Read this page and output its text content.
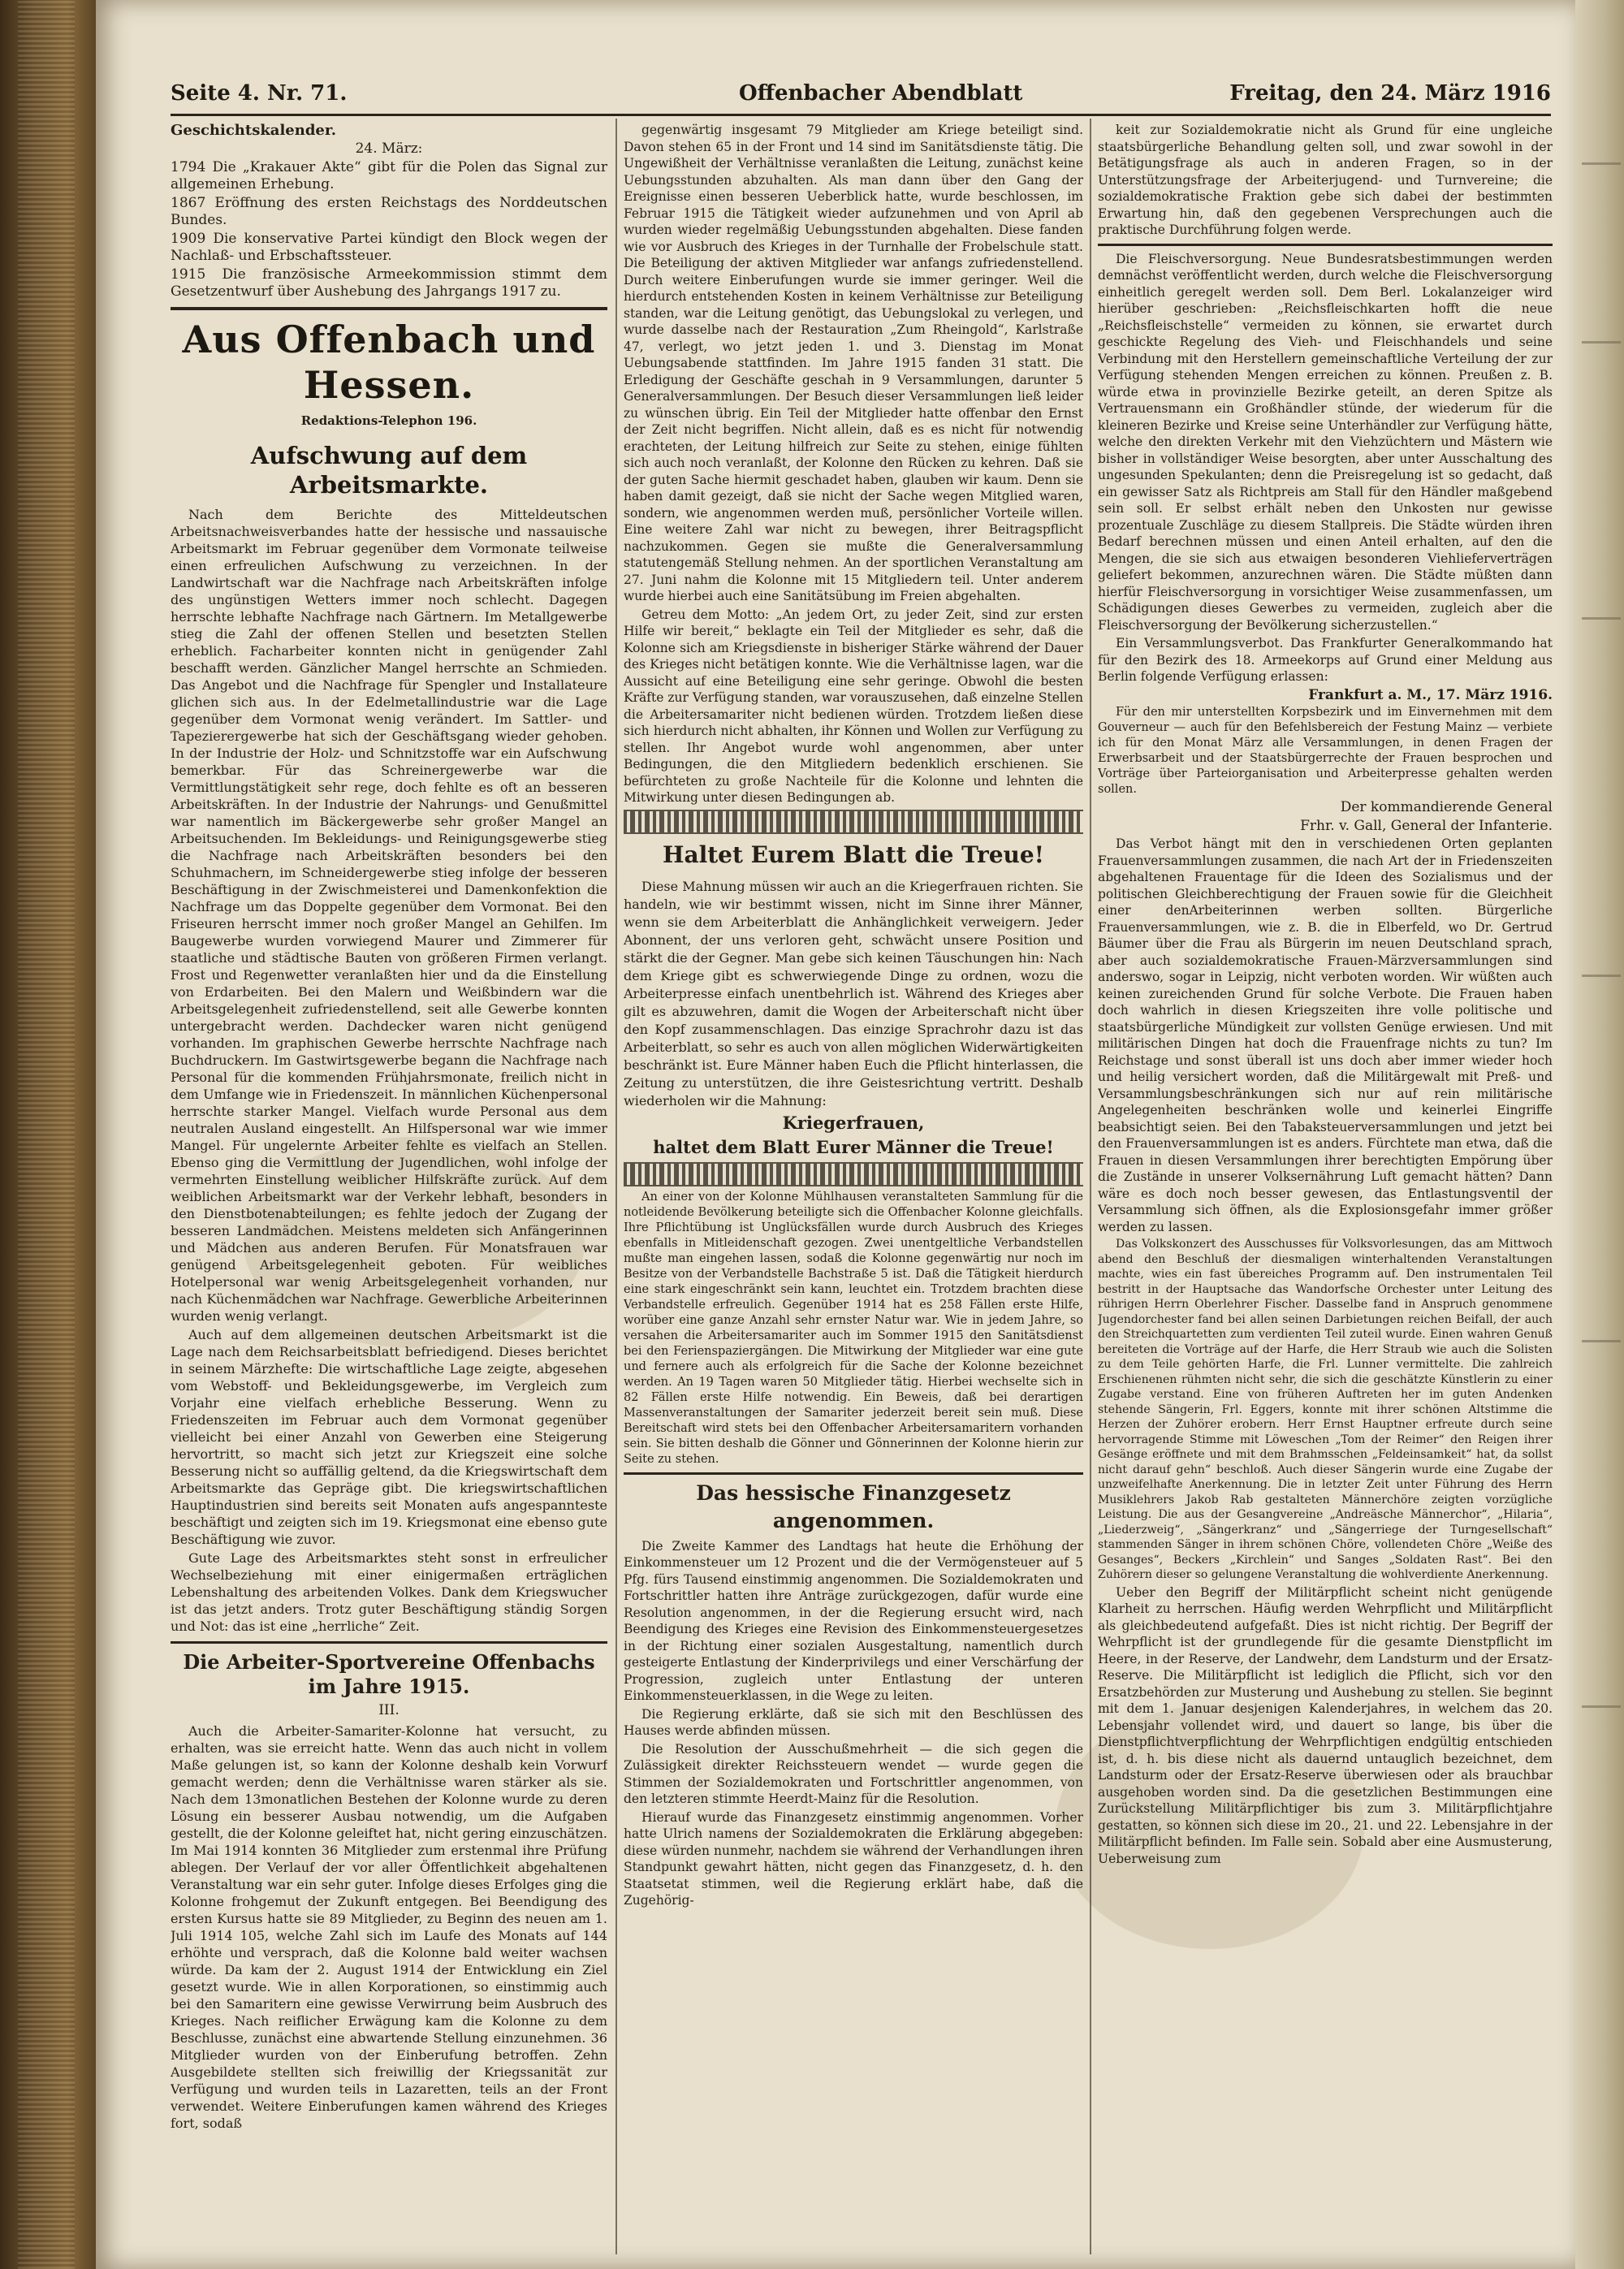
Seite 4. Nr. 71.	Offenbacher Abendblatt	Freitag, den 24. März 1916
Geschichtskalender.
24. März:

1794 Die „Krakauer Akte“ gibt für die Polen das Signal zur allgemeinen Erhebung.

1867 Eröffnung des ersten Reichstags des Norddeutschen Bundes.

1909 Die konservative Partei kündigt den Block wegen der Nachlaß- und Erbschaftssteuer.

1915 Die französische Armeekommission stimmt dem Gesetzentwurf über Aushebung des Jahrgangs 1917 zu.

Aus Offenbach und Hessen.
Redaktions-Telephon 196.
Aufschwung auf dem Arbeitsmarkte.

Nach dem Berichte des Mitteldeutschen Arbeitsnachweisverbandes hatte der hessische und nassauische Arbeitsmarkt im Februar gegenüber dem Vormonate teilweise einen erfreulichen Aufschwung zu verzeichnen. In der Landwirtschaft war die Nachfrage nach Arbeitskräften infolge des ungünstigen Wetters immer noch schlecht. Dagegen herrschte lebhafte Nachfrage nach Gärtnern. Im Metallgewerbe stieg die Zahl der offenen Stellen und besetzten Stellen erheblich. Facharbeiter konnten nicht in genügender Zahl beschafft werden. Gänzlicher Mangel herrschte an Schmieden. Das Angebot und die Nachfrage für Spengler und Installateure glichen sich aus. In der Edelmetallindustrie war die Lage gegenüber dem Vormonat wenig verändert. Im Sattler- und Tapezierergewerbe hat sich der Geschäftsgang wieder gehoben. In der Industrie der Holz- und Schnitzstoffe war ein Aufschwung bemerkbar. Für das Schreinergewerbe war die Vermittlungstätigkeit sehr rege, doch fehlte es oft an besseren Arbeitskräften. In der Industrie der Nahrungs- und Genußmittel war namentlich im Bäckergewerbe sehr großer Mangel an Arbeitsuchenden. Im Bekleidungs- und Reinigungsgewerbe stieg die Nachfrage nach Arbeitskräften besonders bei den Schuhmachern, im Schneidergewerbe stieg infolge der besseren Beschäftigung in der Zwischmeisterei und Damenkonfektion die Nachfrage um das Doppelte gegenüber dem Vormonat. Bei den Friseuren herrscht immer noch großer Mangel an Gehilfen. Im Baugewerbe wurden vorwiegend Maurer und Zimmerer für staatliche und städtische Bauten von größeren Firmen verlangt. Frost und Regenwetter veranlaßten hier und da die Einstellung von Erdarbeiten. Bei den Malern und Weißbindern war die Arbeitsgelegenheit zufriedenstellend, seit alle Gewerbe konnten untergebracht werden. Dachdecker waren nicht genügend vorhanden. Im graphischen Gewerbe herrschte Nachfrage nach Buchdruckern. Im Gastwirtsgewerbe begann die Nachfrage nach Personal für die kommenden Frühjahrsmonate, freilich nicht in dem Umfange wie in Friedenszeit. In männlichen Küchenpersonal herrschte starker Mangel. Vielfach wurde Personal aus dem neutralen Ausland eingestellt. An Hilfspersonal war wie immer Mangel. Für ungelernte Arbeiter fehlte es vielfach an Stellen. Ebenso ging die Vermittlung der Jugendlichen, wohl infolge der vermehrten Einstellung weiblicher Hilfskräfte zurück. Auf dem weiblichen Arbeitsmarkt war der Verkehr lebhaft, besonders in den Dienstbotenabteilungen; es fehlte jedoch der Zugang der besseren Landmädchen. Meistens meldeten sich Anfängerinnen und Mädchen aus anderen Berufen. Für Monatsfrauen war genügend Arbeitsgelegenheit geboten. Für weibliches Hotelpersonal war wenig Arbeitsgelegenheit vorhanden, nur nach Küchenmädchen war Nachfrage. Gewerbliche Arbeiterinnen wurden wenig verlangt.

Auch auf dem allgemeinen deutschen Arbeitsmarkt ist die Lage nach dem Reichsarbeitsblatt befriedigend. Dieses berichtet in seinem Märzhefte: Die wirtschaftliche Lage zeigte, abgesehen vom Webstoff- und Bekleidungsgewerbe, im Vergleich zum Vorjahr eine vielfach erhebliche Besserung. Wenn zu Friedenszeiten im Februar auch dem Vormonat gegenüber vielleicht bei einer Anzahl von Gewerben eine Steigerung hervortritt, so macht sich jetzt zur Kriegszeit eine solche Besserung nicht so auffällig geltend, da die Kriegswirtschaft dem Arbeitsmarkte das Gepräge gibt. Die kriegswirtschaftlichen Hauptindustrien sind bereits seit Monaten aufs angespannteste beschäftigt und zeigten sich im 19. Kriegsmonat eine ebenso gute Beschäftigung wie zuvor.

Gute Lage des Arbeitsmarktes steht sonst in erfreulicher Wechselbeziehung mit einer einigermaßen erträglichen Lebenshaltung des arbeitenden Volkes. Dank dem Kriegswucher ist das jetzt anders. Trotz guter Beschäftigung ständig Sorgen und Not: das ist eine „herrliche“ Zeit.

Die Arbeiter-Sportvereine Offenbachs im Jahre 1915.
III.

Auch die Arbeiter-Samariter-Kolonne hat versucht, zu erhalten, was sie erreicht hatte. Wenn das auch nicht in vollem Maße gelungen ist, so kann der Kolonne deshalb kein Vorwurf gemacht werden; denn die Verhältnisse waren stärker als sie. Nach dem 13monatlichen Bestehen der Kolonne wurde zu deren Lösung ein besserer Ausbau notwendig, um die Aufgaben gestellt, die der Kolonne geleiftet hat, nicht gering einzuschätzen. Im Mai 1914 konnten 36 Mitglieder zum erstenmal ihre Prüfung ablegen. Der Verlauf der vor aller Öffentlichkeit abgehaltenen Veranstaltung war ein sehr guter. Infolge dieses Erfolges ging die Kolonne frohgemut der Zukunft entgegen. Bei Beendigung des ersten Kursus hatte sie 89 Mitglieder, zu Beginn des neuen am 1. Juli 1914 105, welche Zahl sich im Laufe des Monats auf 144 erhöhte und versprach, daß die Kolonne bald weiter wachsen würde. Da kam der 2. August 1914 der Entwicklung ein Ziel gesetzt wurde. Wie in allen Korporationen, so einstimmig auch bei den Samaritern eine gewisse Verwirrung beim Ausbruch des Krieges. Nach reiflicher Erwägung kam die Kolonne zu dem Beschlusse, zunächst eine abwartende Stellung einzunehmen. 36 Mitglieder wurden von der Einberufung betroffen. Zehn Ausgebildete stellten sich freiwillig der Kriegssanität zur Verfügung und wurden teils in Lazaretten, teils an der Front verwendet. Weitere Einberufungen kamen während des Krieges fort, sodaß

gegenwärtig insgesamt 79 Mitglieder am Kriege beteiligt sind. Davon stehen 65 in der Front und 14 sind im Sanitätsdienste tätig. Die Ungewißheit der Verhältnisse veranlaßten die Leitung, zunächst keine Uebungsstunden abzuhalten. Als man dann über den Gang der Ereignisse einen besseren Ueberblick hatte, wurde beschlossen, im Februar 1915 die Tätigkeit wieder aufzunehmen und von April ab wurden wieder regelmäßig Uebungsstunden abgehalten. Diese fanden wie vor Ausbruch des Krieges in der Turnhalle der Frobelschule statt. Die Beteiligung der aktiven Mitglieder war anfangs zufriedenstellend. Durch weitere Einberufungen wurde sie immer geringer. Weil die hierdurch entstehenden Kosten in keinem Verhältnisse zur Beteiligung standen, war die Leitung genötigt, das Uebungslokal zu verlegen, und wurde dasselbe nach der Restauration „Zum Rheingold“, Karlstraße 47, verlegt, wo jetzt jeden 1. und 3. Dienstag im Monat Uebungsabende stattfinden. Im Jahre 1915 fanden 31 statt. Die Erledigung der Geschäfte geschah in 9 Versammlungen, darunter 5 Generalversammlungen. Der Besuch dieser Versammlungen ließ leider zu wünschen übrig. Ein Teil der Mitglieder hatte offenbar den Ernst der Zeit nicht begriffen. Nicht allein, daß es es nicht für notwendig erachteten, der Leitung hilfreich zur Seite zu stehen, einige fühlten sich auch noch veranlaßt, der Kolonne den Rücken zu kehren. Daß sie der guten Sache hiermit geschadet haben, glauben wir kaum. Denn sie haben damit gezeigt, daß sie nicht der Sache wegen Mitglied waren, sondern, wie angenommen werden muß, persönlicher Vorteile willen. Eine weitere Zahl war nicht zu bewegen, ihrer Beitragspflicht nachzukommen. Gegen sie mußte die Generalversammlung statutengemäß Stellung nehmen. An der sportlichen Veranstaltung am 27. Juni nahm die Kolonne mit 15 Mitgliedern teil. Unter anderem wurde hierbei auch eine Sanitätsübung im Freien abgehalten.

Getreu dem Motto: „An jedem Ort, zu jeder Zeit, sind zur ersten Hilfe wir bereit,“ beklagte ein Teil der Mitglieder es sehr, daß die Kolonne sich am Kriegsdienste in bisheriger Stärke während der Dauer des Krieges nicht betätigen konnte. Wie die Verhältnisse lagen, war die Aussicht auf eine Beteiligung eine sehr geringe. Obwohl die besten Kräfte zur Verfügung standen, war vorauszusehen, daß einzelne Stellen die Arbeitersamariter nicht bedienen würden. Trotzdem ließen diese sich hierdurch nicht abhalten, ihr Können und Wollen zur Verfügung zu stellen. Ihr Angebot wurde wohl angenommen, aber unter Bedingungen, die den Mitgliedern bedenklich erschienen. Sie befürchteten zu große Nachteile für die Kolonne und lehnten die Mitwirkung unter diesen Bedingungen ab.

Haltet Eurem Blatt die Treue!

Diese Mahnung müssen wir auch an die Kriegerfrauen richten. Sie handeln, wie wir bestimmt wissen, nicht im Sinne ihrer Männer, wenn sie dem Arbeiterblatt die Anhänglichkeit verweigern. Jeder Abonnent, der uns verloren geht, schwächt unsere Position und stärkt die der Gegner. Man gebe sich keinen Täuschungen hin: Nach dem Kriege gibt es schwerwiegende Dinge zu ordnen, wozu die Arbeiterpresse einfach unentbehrlich ist. Während des Krieges aber gilt es abzuwehren, damit die Wogen der Arbeiterschaft nicht über den Kopf zusammenschlagen. Das einzige Sprachrohr dazu ist das Arbeiterblatt, so sehr es auch von allen möglichen Widerwärtigkeiten beschränkt ist. Eure Männer haben Euch die Pflicht hinterlassen, die Zeitung zu unterstützen, die ihre Geistesrichtung vertritt. Deshalb wiederholen wir die Mahnung:

Kriegerfrauen,

haltet dem Blatt Eurer Männer die Treue!

An einer von der Kolonne Mühlhausen veranstalteten Sammlung für die notleidende Bevölkerung beteiligte sich die Offenbacher Kolonne gleichfalls. Ihre Pflichtübung ist Unglücksfällen wurde durch Ausbruch des Krieges ebenfalls in Mitleidenschaft gezogen. Zwei unentgeltliche Verbandstellen mußte man eingehen lassen, sodaß die Kolonne gegenwärtig nur noch im Besitze von der Verbandstelle Bachstraße 5 ist. Daß die Tätigkeit hierdurch eine stark eingeschränkt sein kann, leuchtet ein. Trotzdem brachten diese Verbandstelle erfreulich. Gegenüber 1914 hat es 258 Fällen erste Hilfe, worüber eine ganze Anzahl sehr ernster Natur war. Wie in jedem Jahre, so versahen die Arbeitersamariter auch im Sommer 1915 den Sanitätsdienst bei den Ferienspaziergängen. Die Mitwirkung der Mitglieder war eine gute und fernere auch als erfolgreich für die Sache der Kolonne bezeichnet werden. An 19 Tagen waren 50 Mitglieder tätig. Hierbei wechselte sich in 82 Fällen erste Hilfe notwendig. Ein Beweis, daß bei derartigen Massenveranstaltungen der Samariter jederzeit bereit sein muß. Diese Bereitschaft wird stets bei den Offenbacher Arbeitersamaritern vorhanden sein. Sie bitten deshalb die Gönner und Gönnerinnen der Kolonne hierin zur Seite zu stehen.

Das hessische Finanzgesetz angenommen.

Die Zweite Kammer des Landtags hat heute die Erhöhung der Einkommensteuer um 12 Prozent und die der Vermögensteuer auf 5 Pfg. fürs Tausend einstimmig angenommen. Die Sozialdemokraten und Fortschrittler hatten ihre Anträge zurückgezogen, dafür wurde eine Resolution angenommen, in der die Regierung ersucht wird, nach Beendigung des Krieges eine Revision des Einkommensteuergesetzes in der Richtung einer sozialen Ausgestaltung, namentlich durch gesteigerte Entlastung der Kinderprivilegs und einer Verschärfung der Progression, zugleich unter Entlastung der unteren Einkommensteuerklassen, in die Wege zu leiten.

Die Regierung erklärte, daß sie sich mit den Beschlüssen des Hauses werde abfinden müssen.

Die Resolution der Ausschußmehrheit — die sich gegen die Zulässigkeit direkter Reichssteuern wendet — wurde gegen die Stimmen der Sozialdemokraten und Fortschrittler angenommen, von den letzteren stimmte Heerdt-Mainz für die Resolution.

Hierauf wurde das Finanzgesetz einstimmig angenommen. Vorher hatte Ulrich namens der Sozialdemokraten die Erklärung abgegeben: diese würden nunmehr, nachdem sie während der Verhandlungen ihren Standpunkt gewahrt hätten, nicht gegen das Finanzgesetz, d. h. den Staatsetat stimmen, weil die Regierung erklärt habe, daß die Zugehörig-

keit zur Sozialdemokratie nicht als Grund für eine ungleiche staatsbürgerliche Behandlung gelten soll, und zwar sowohl in der Betätigungsfrage als auch in anderen Fragen, so in der Unterstützungsfrage der Arbeiterjugend- und Turnvereine; die sozialdemokratische Fraktion gebe sich dabei der bestimmten Erwartung hin, daß den gegebenen Versprechungen auch die praktische Durchführung folgen werde.

Die Fleischversorgung. Neue Bundesratsbestimmungen werden demnächst veröffentlicht werden, durch welche die Fleischversorgung einheitlich geregelt werden soll. Dem Berl. Lokalanzeiger wird hierüber geschrieben: „Reichsfleischkarten hofft die neue „Reichsfleischstelle“ vermeiden zu können, sie erwartet durch geschickte Regelung des Vieh- und Fleischhandels und seine Verbindung mit den Herstellern gemeinschaftliche Verteilung der zur Verfügung stehenden Mengen erreichen zu können. Preußen z. B. würde etwa in provinzielle Bezirke geteilt, an deren Spitze als Vertrauensmann ein Großhändler stünde, der wiederum für die kleineren Bezirke und Kreise seine Unterhändler zur Verfügung hätte, welche den direkten Verkehr mit den Viehzüchtern und Mästern wie bisher in vollständiger Weise besorgten, aber unter Ausschaltung des ungesunden Spekulanten; denn die Preisregelung ist so gedacht, daß ein gewisser Satz als Richtpreis am Stall für den Händler maßgebend sein soll. Er selbst erhält neben den Unkosten nur gewisse prozentuale Zuschläge zu diesem Stallpreis. Die Städte würden ihren Bedarf berechnen müssen und einen Anteil erhalten, auf den die Mengen, die sie sich aus etwaigen besonderen Viehlieferverträgen geliefert bekommen, anzurechnen wären. Die Städte müßten dann hierfür Fleischversorgung in vorsichtiger Weise zusammenfassen, um Schädigungen dieses Gewerbes zu vermeiden, zugleich aber die Fleischversorgung der Bevölkerung sicherzustellen.“

Ein Versammlungsverbot. Das Frankfurter Generalkommando hat für den Bezirk des 18. Armeekorps auf Grund einer Meldung aus Berlin folgende Verfügung erlassen:

Frankfurt a. M., 17. März 1916.

Für den mir unterstellten Korpsbezirk und im Einvernehmen mit dem Gouverneur — auch für den Befehlsbereich der Festung Mainz — verbiete ich für den Monat März alle Versammlungen, in denen Fragen der Erwerbsarbeit und der Staatsbürgerrechte der Frauen besprochen und Vorträge über Parteiorganisation und Arbeiterpresse gehalten werden sollen.

Der kommandierende General

Frhr. v. Gall, General der Infanterie.

Das Verbot hängt mit den in verschiedenen Orten geplanten Frauenversammlungen zusammen, die nach Art der in Friedenszeiten abgehaltenen Frauentage für die Ideen des Sozialismus und der politischen Gleichberechtigung der Frauen sowie für die Gleichheit einer denArbeiterinnen werben sollten. Bürgerliche Frauenversammlungen, wie z. B. die in Elberfeld, wo Dr. Gertrud Bäumer über die Frau als Bürgerin im neuen Deutschland sprach, aber auch sozialdemokratische Frauen-Märzversammlungen sind anderswo, sogar in Leipzig, nicht verboten worden. Wir wüßten auch keinen zureichenden Grund für solche Verbote. Die Frauen haben doch wahrlich in diesen Kriegszeiten ihre volle politische und staatsbürgerliche Mündigkeit zur vollsten Genüge erwiesen. Und mit militärischen Dingen hat doch die Frauenfrage nichts zu tun? Im Reichstage und sonst überall ist uns doch aber immer wieder hoch und heilig versichert worden, daß die Militärgewalt mit Preß- und Versammlungsbeschränkungen sich nur auf rein militärische Angelegenheiten beschränken wolle und keinerlei Eingriffe beabsichtigt seien. Bei den Tabaksteuerversammlungen und jetzt bei den Frauenversammlungen ist es anders. Fürchtete man etwa, daß die Frauen in diesen Versammlungen ihrer berechtigten Empörung über die Zustände in unserer Volksernährung Luft gemacht hätten? Dann wäre es doch noch besser gewesen, das Entlastungsventil der Versammlung sich öffnen, als die Explosionsgefahr immer größer werden zu lassen.

Das Volkskonzert des Ausschusses für Volksvorlesungen, das am Mittwoch abend den Beschluß der diesmaligen winterhaltenden Veranstaltungen machte, wies ein fast übereiches Programm auf. Den instrumentalen Teil bestritt in der Hauptsache das Wandorfsche Orchester unter Leitung des rührigen Herrn Oberlehrer Fischer. Dasselbe fand in Anspruch genommene Jugendorchester fand bei allen seinen Darbietungen reichen Beifall, der auch den Streichquartetten zum verdienten Teil zuteil wurde. Einen wahren Genuß bereiteten die Vorträge auf der Harfe, die Herr Straub wie auch die Solisten zu dem Teile gehörten Harfe, die Frl. Lunner vermittelte. Die zahlreich Erschienenen rühmten nicht sehr, die sich die geschätzte Künstlerin zu einer Zugabe verstand. Eine von früheren Auftreten her im guten Andenken stehende Sängerin, Frl. Eggers, konnte mit ihrer schönen Altstimme die Herzen der Zuhörer erobern. Herr Ernst Hauptner erfreute durch seine hervorragende Stimme mit Löweschen „Tom der Reimer“ den Reigen ihrer Gesänge eröffnete und mit dem Brahmsschen „Feldeinsamkeit“ hat, da sollst nicht darauf gehn“ beschloß. Auch dieser Sängerin wurde eine Zugabe der unzweifelhafte Anerkennung. Die in letzter Zeit unter Führung des Herrn Musiklehrers Jakob Rab gestalteten Männerchöre zeigten vorzügliche Leistung. Die aus der Gesangvereine „Andreäsche Männerchor“, „Hilaria“, „Liederzweig“, „Sängerkranz“ und „Sängerriege der Turngesellschaft“ stammenden Sänger in ihrem schönen Chöre, vollendeten Chöre „Weiße des Gesanges“, Beckers „Kirchlein“ und Sanges „Soldaten Rast“. Bei den Zuhörern dieser so gelungene Veranstaltung die wohlverdiente Anerkennung.

Ueber den Begriff der Militärpflicht scheint nicht genügende Klarheit zu herrschen. Häufig werden Wehrpflicht und Militärpflicht als gleichbedeutend aufgefaßt. Dies ist nicht richtig. Der Begriff der Wehrpflicht ist der grundlegende für die gesamte Dienstpflicht im Heere, in der Reserve, der Landwehr, dem Landsturm und der Ersatz-Reserve. Die Militärpflicht ist lediglich die Pflicht, sich vor den Ersatzbehörden zur Musterung und Aushebung zu stellen. Sie beginnt mit dem 1. Januar desjenigen Kalenderjahres, in welchem das 20. Lebensjahr vollendet wird, und dauert so lange, bis über die Dienstpflichtverpflichtung der Wehrpflichtigen endgültig entschieden ist, d. h. bis diese nicht als dauernd untauglich bezeichnet, dem Landsturm oder der Ersatz-Reserve überwiesen oder als brauchbar ausgehoben worden sind. Da die gesetzlichen Bestimmungen eine Zurückstellung Militärpflichtiger bis zum 3. Militärpflichtjahre gestatten, so können sich diese im 20., 21. und 22. Lebensjahre in der Militärpflicht befinden. Im Falle sein. Sobald aber eine Ausmusterung, Ueberweisung zum
